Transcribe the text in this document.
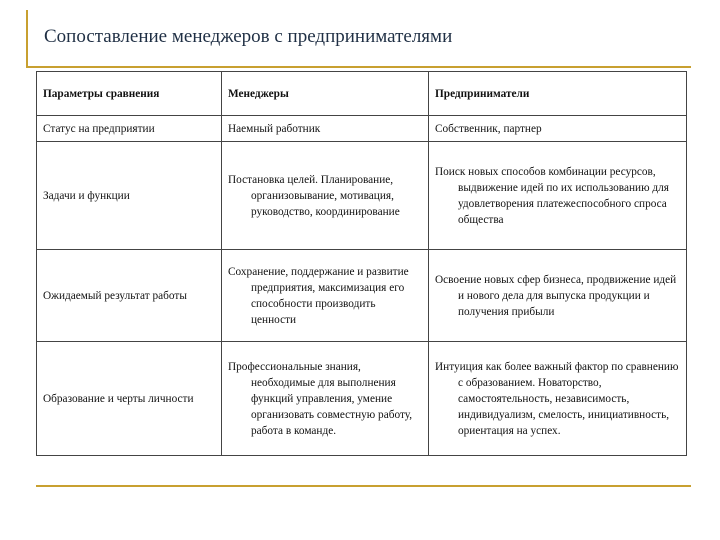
Сопоставление менеджеров с предпринимателями
Параметры сравнения	Менеджеры	Предприниматели
Статус на предприятии	Наемный работник	Собственник, партнер

Задачи и функции	Постановка целей. Планирование, организовывание, мотивация, руководство, координирование	Поиск новых способов комбинации ресурсов, выдвижение идей по их использованию для удовлетворения платежеспособного спроса общества

Ожидаемый результат работы	Сохранение, поддержание и развитие предприятия, максимизация его способности производить ценности	Освоение новых сфер бизнеса, продвижение идей и нового дела для выпуска продукции и получения прибыли

Образование и черты личности	Профессиональные знания, необходимые для выполнения функций управления, умение организовать совместную работу, работа в команде.	Интуиция как более важный фактор по сравнению с образованием. Новаторство, самостоятельность, независимость, индивидуализм, смелость, инициативность, ориентация на успех.
